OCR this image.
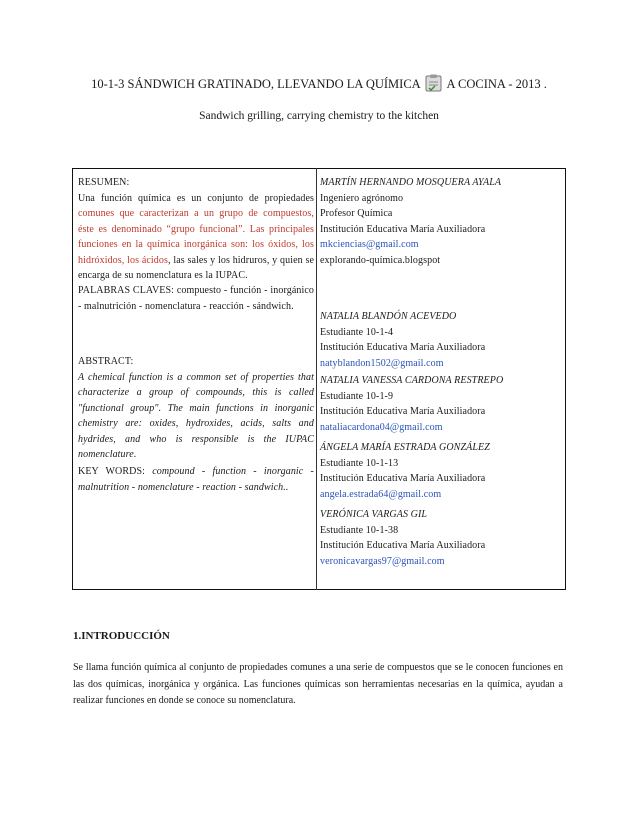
10-1-3 SÁNDWICH GRATINADO, LLEVANDO LA QUÍMICA  A COCINA - 2013 .
Sandwich grilling, carrying chemistry to the kitchen
RESUMEN:
Una función química es un conjunto de propiedades comunes que caracterizan a un grupo de compuestos, éste es denominado “grupo funcional”. Las principales funciones en la química inorgánica son: los óxidos, los hidróxidos, los ácidos, las sales y los hidruros, y quien se encarga de su nomenclatura es la IUPAC.
PALABRAS CLAVES: compuesto - función - inorgánico - malnutrición - nomenclatura - reacción - sándwich.
ABSTRACT:
A chemical function is a common set of properties that characterize a group of compounds, this is called "functional group". The main functions in inorganic chemistry are: oxides, hydroxides, acids, salts and hydrides, and who is responsible is the IUPAC nomenclature.
KEY WORDS: compound - function - inorganic - malnutrition - nomenclature - reaction - sandwich..
MARTÍN HERNANDO MOSQUERA AYALA
Ingeniero agrónomo
Profesor Química
Institución Educativa María Auxiliadora
mkciencias@gmail.com
explorando-química.blogspot
NATALIA BLANDÓN ACEVEDO
Estudiante 10-1-4
Institución Educativa María Auxiliadora
natyblandon1502@gmail.com
NATALIA VANESSA CARDONA RESTREPO
Estudiante 10-1-9
Institución Educativa María Auxiliadora
nataliacardona04@gmail.com
ÁNGELA MARÍA ESTRADA GONZÁLEZ
Estudiante 10-1-13
Institución Educativa María Auxiliadora
angela.estrada64@gmail.com
VERÓNICA VARGAS GIL
Estudiante 10-1-38
Institución Educativa María Auxiliadora
veronicavargas97@gmail.com
1.INTRODUCCIÓN
Se llama función química al conjunto de propiedades comunes a una serie de compuestos que se le conocen funciones en las dos químicas, inorgánica y orgánica. Las funciones químicas son herramientas necesarias en la química, ayudan a realizar funciones en donde se conoce su nomenclatura.
